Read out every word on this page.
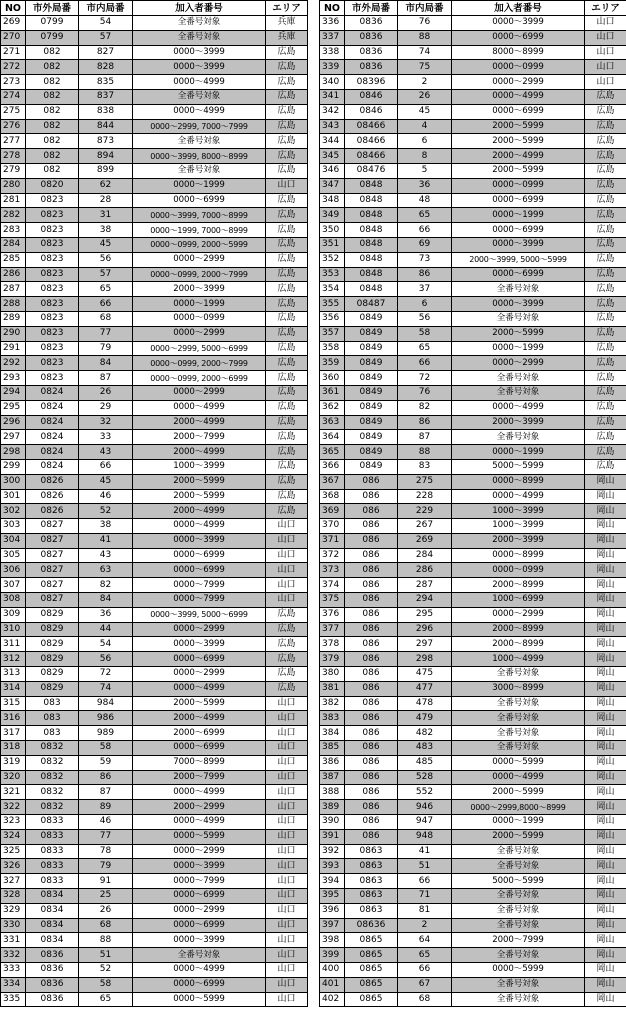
NO	市外局番	市内局番	加入者番号	エリア
269	0799	54	全番号対象	兵庫
270	0799	57	全番号対象	兵庫
271	082	827	0000～3999	広島
272	082	828	0000～3999	広島
273	082	835	0000～4999	広島
274	082	837	全番号対象	広島
275	082	838	0000～4999	広島
276	082	844	0000～2999, 7000～7999	広島
277	082	873	全番号対象	広島
278	082	894	0000～3999, 8000～8999	広島
279	082	899	全番号対象	広島
280	0820	62	0000～1999	山口
281	0823	28	0000～6999	広島
282	0823	31	0000～3999, 7000～8999	広島
283	0823	38	0000～1999, 7000～8999	広島
284	0823	45	0000～0999, 2000～5999	広島
285	0823	56	0000～2999	広島
286	0823	57	0000～0999, 2000～7999	広島
287	0823	65	2000～3999	広島
288	0823	66	0000～1999	広島
289	0823	68	0000～0999	広島
290	0823	77	0000～2999	広島
291	0823	79	0000～2999, 5000～6999	広島
292	0823	84	0000～0999, 2000～7999	広島
293	0823	87	0000～0999, 2000～6999	広島
294	0824	26	0000～2999	広島
295	0824	29	0000～4999	広島
296	0824	32	2000～4999	広島
297	0824	33	2000～7999	広島
298	0824	43	2000～4999	広島
299	0824	66	1000～3999	広島
300	0826	45	2000～5999	広島
301	0826	46	2000～5999	広島
302	0826	52	2000～4999	広島
303	0827	38	0000～4999	山口
304	0827	41	0000～3999	山口
305	0827	43	0000～6999	山口
306	0827	63	0000～6999	山口
307	0827	82	0000～7999	山口
308	0827	84	0000～7999	山口
309	0829	36	0000～3999, 5000～6999	広島
310	0829	44	0000～2999	広島
311	0829	54	0000～3999	広島
312	0829	56	0000～6999	広島
313	0829	72	0000～2999	広島
314	0829	74	0000～4999	広島
315	083	984	2000～5999	山口
316	083	986	2000～4999	山口
317	083	989	2000～6999	山口
318	0832	58	0000～6999	山口
319	0832	59	7000～8999	山口
320	0832	86	2000～7999	山口
321	0832	87	0000～4999	山口
322	0832	89	2000～2999	山口
323	0833	46	0000～4999	山口
324	0833	77	0000～5999	山口
325	0833	78	0000～2999	山口
326	0833	79	0000～3999	山口
327	0833	91	0000～7999	山口
328	0834	25	0000～6999	山口
329	0834	26	0000～2999	山口
330	0834	68	0000～6999	山口
331	0834	88	0000～3999	山口
332	0836	51	全番号対象	山口
333	0836	52	0000～4999	山口
334	0836	58	0000～6999	山口
335	0836	65	0000～5999	山口
NO	市外局番	市内局番	加入者番号	エリア
336	0836	76	0000～3999	山口
337	0836	88	0000～6999	山口
338	0836	74	8000～8999	山口
339	0836	75	0000～0999	山口
340	08396	2	0000～2999	山口
341	0846	26	0000～4999	広島
342	0846	45	0000～6999	広島
343	08466	4	2000～5999	広島
344	08466	6	2000～5999	広島
345	08466	8	2000～4999	広島
346	08476	5	2000～5999	広島
347	0848	36	0000～0999	広島
348	0848	48	0000～6999	広島
349	0848	65	0000～1999	広島
350	0848	66	0000～6999	広島
351	0848	69	0000～3999	広島
352	0848	73	2000～3999, 5000～5999	広島
353	0848	86	0000～6999	広島
354	0848	37	全番号対象	広島
355	08487	6	0000～3999	広島
356	0849	56	全番号対象	広島
357	0849	58	2000～5999	広島
358	0849	65	0000～1999	広島
359	0849	66	0000～2999	広島
360	0849	72	全番号対象	広島
361	0849	76	全番号対象	広島
362	0849	82	0000～4999	広島
363	0849	86	2000～3999	広島
364	0849	87	全番号対象	広島
365	0849	88	0000～1999	広島
366	0849	83	5000～5999	広島
367	086	275	0000～8999	岡山
368	086	228	0000～4999	岡山
369	086	229	1000～3999	岡山
370	086	267	1000～3999	岡山
371	086	269	2000～3999	岡山
372	086	284	0000～8999	岡山
373	086	286	0000～0999	岡山
374	086	287	2000～8999	岡山
375	086	294	1000～6999	岡山
376	086	295	0000～2999	岡山
377	086	296	2000～8999	岡山
378	086	297	2000～8999	岡山
379	086	298	1000～4999	岡山
380	086	475	全番号対象	岡山
381	086	477	3000～8999	岡山
382	086	478	全番号対象	岡山
383	086	479	全番号対象	岡山
384	086	482	全番号対象	岡山
385	086	483	全番号対象	岡山
386	086	485	0000～5999	岡山
387	086	528	0000～4999	岡山
388	086	552	2000～5999	岡山
389	086	946	0000～2999,8000～8999	岡山
390	086	947	0000～1999	岡山
391	086	948	2000～5999	岡山
392	0863	41	全番号対象	岡山
393	0863	51	全番号対象	岡山
394	0863	66	5000～5999	岡山
395	0863	71	全番号対象	岡山
396	0863	81	全番号対象	岡山
397	08636	2	全番号対象	岡山
398	0865	64	2000～7999	岡山
399	0865	65	全番号対象	岡山
400	0865	66	0000～5999	岡山
401	0865	67	全番号対象	岡山
402	0865	68	全番号対象	岡山
